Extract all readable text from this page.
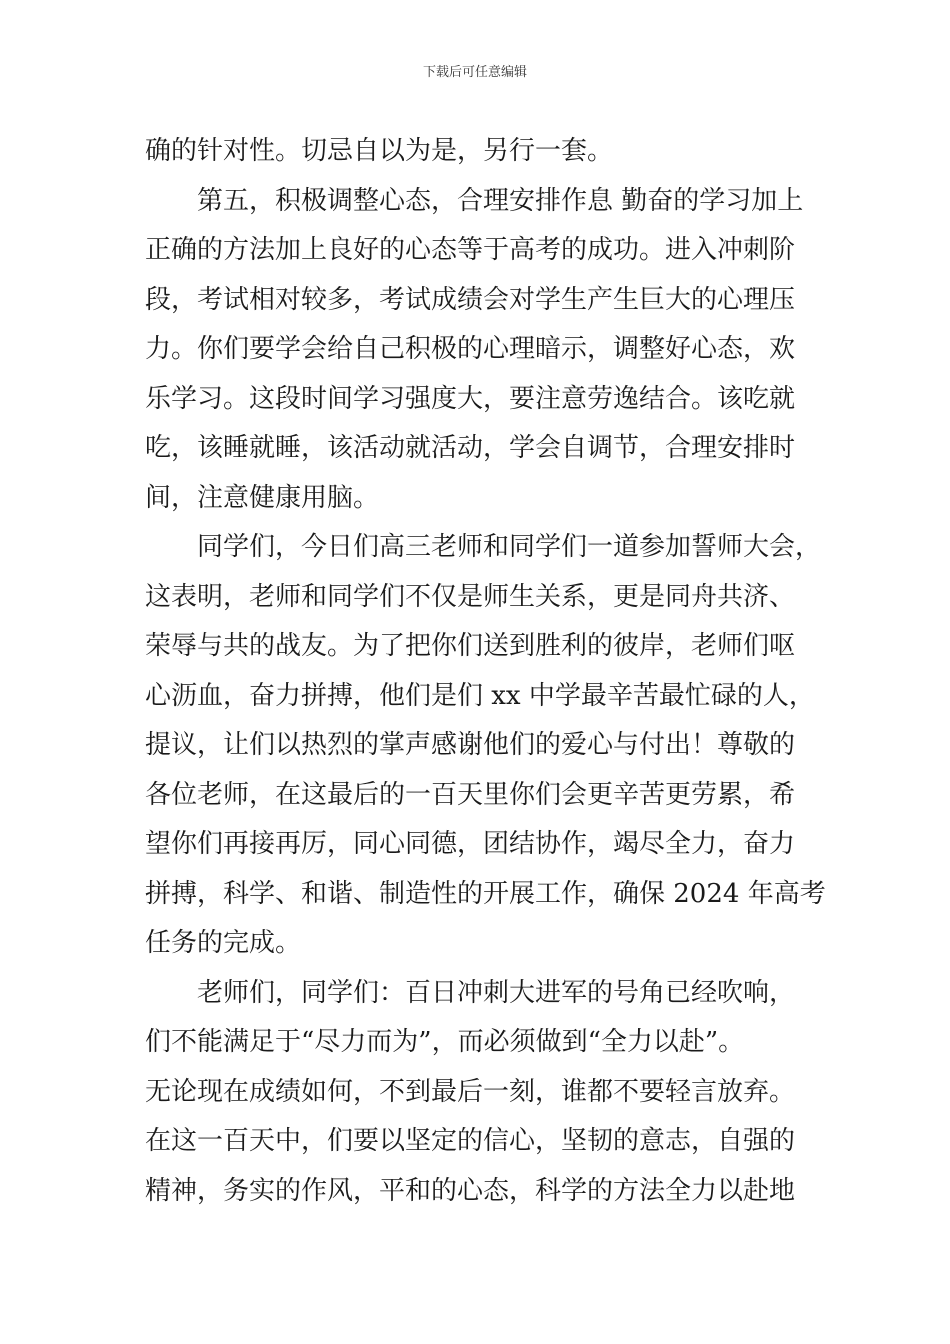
下载后可任意编辑
确的针对性。切忌自以为是，另行一套。
第五，积极调整心态，合理安排作息 勤奋的学习加上
正确的方法加上良好的心态等于高考的成功。进入冲刺阶
段，考试相对较多，考试成绩会对学生产生巨大的心理压
力。你们要学会给自己积极的心理暗示，调整好心态，欢
乐学习。这段时间学习强度大，要注意劳逸结合。该吃就
吃，该睡就睡，该活动就活动，学会自调节，合理安排时
间，注意健康用脑。
同学们，今日们高三老师和同学们一道参加誓师大会，
这表明，老师和同学们不仅是师生关系，更是同舟共济、
荣辱与共的战友。为了把你们送到胜利的彼岸，老师们呕
心沥血，奋力拼搏，他们是们 xx 中学最辛苦最忙碌的人，
提议，让们以热烈的掌声感谢他们的爱心与付出！尊敬的
各位老师，在这最后的一百天里你们会更辛苦更劳累，希
望你们再接再厉，同心同德，团结协作，竭尽全力，奋力
拼搏，科学、和谐、制造性的开展工作，确保 2024 年高考
任务的完成。
老师们，同学们：百日冲刺大进军的号角已经吹响，
们不能满足于“尽力而为”，而必须做到“全力以赴”。
无论现在成绩如何，不到最后一刻，谁都不要轻言放弃。
在这一百天中，们要以坚定的信心，坚韧的意志，自强的
精神，务实的作风，平和的心态，科学的方法全力以赴地
